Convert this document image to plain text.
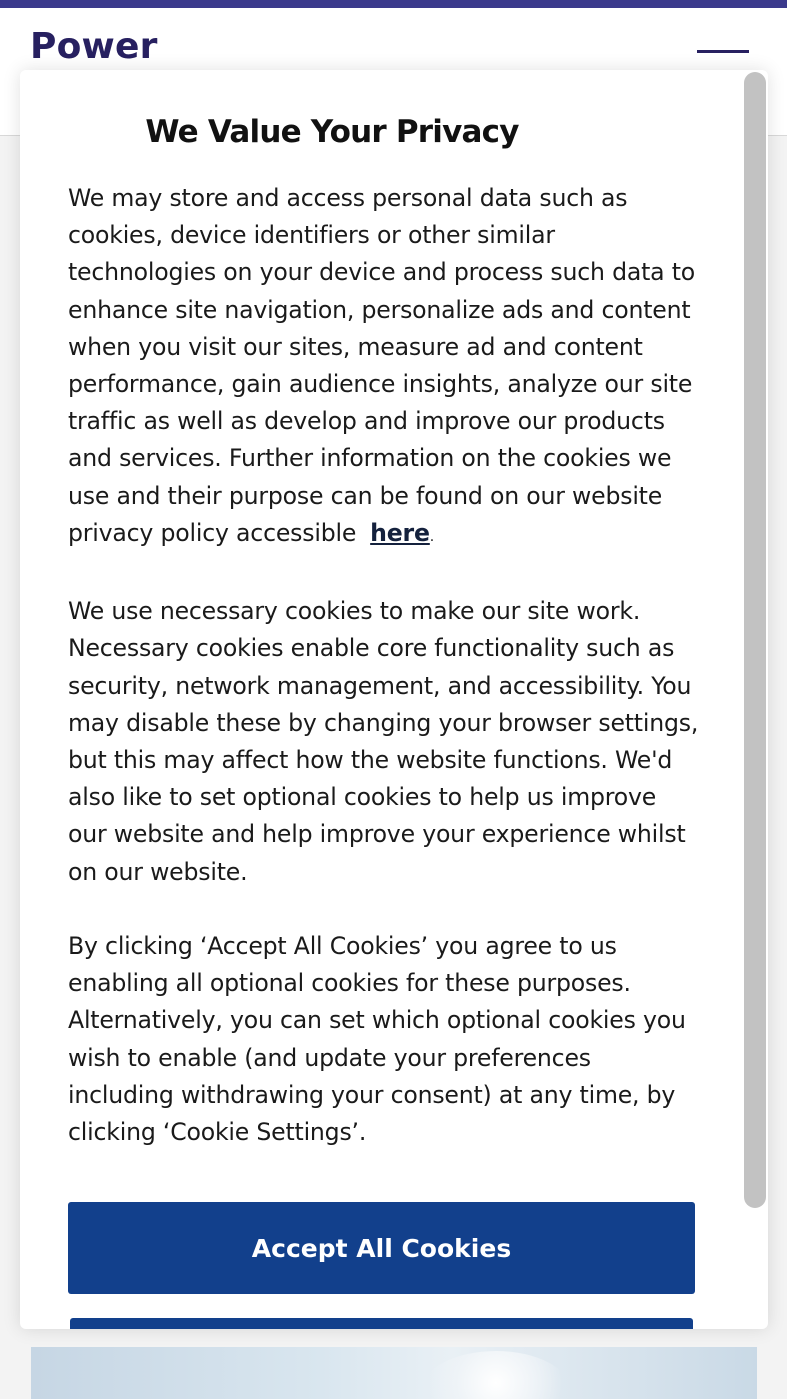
Power
We Value Your Privacy

We may store and access personal data such as cookies, device identifiers or other similar technologies on your device and process such data to enhance site navigation, personalize ads and content when you visit our sites, measure ad and content performance, gain audience insights, analyze our site traffic as well as develop and improve our products and services. Further information on the cookies we use and their purpose can be found on our website privacy policy accessible here.

We use necessary cookies to make our site work. Necessary cookies enable core functionality such as security, network management, and accessibility. You may disable these by changing your browser settings, but this may affect how the website functions. We'd also like to set optional cookies to help us improve our website and help improve your experience whilst on our website.

By clicking ‘Accept All Cookies’ you agree to us enabling all optional cookies for these purposes. Alternatively, you can set which optional cookies you wish to enable (and update your preferences including withdrawing your consent) at any time, by clicking ‘Cookie Settings’.

Accept All Cookies
